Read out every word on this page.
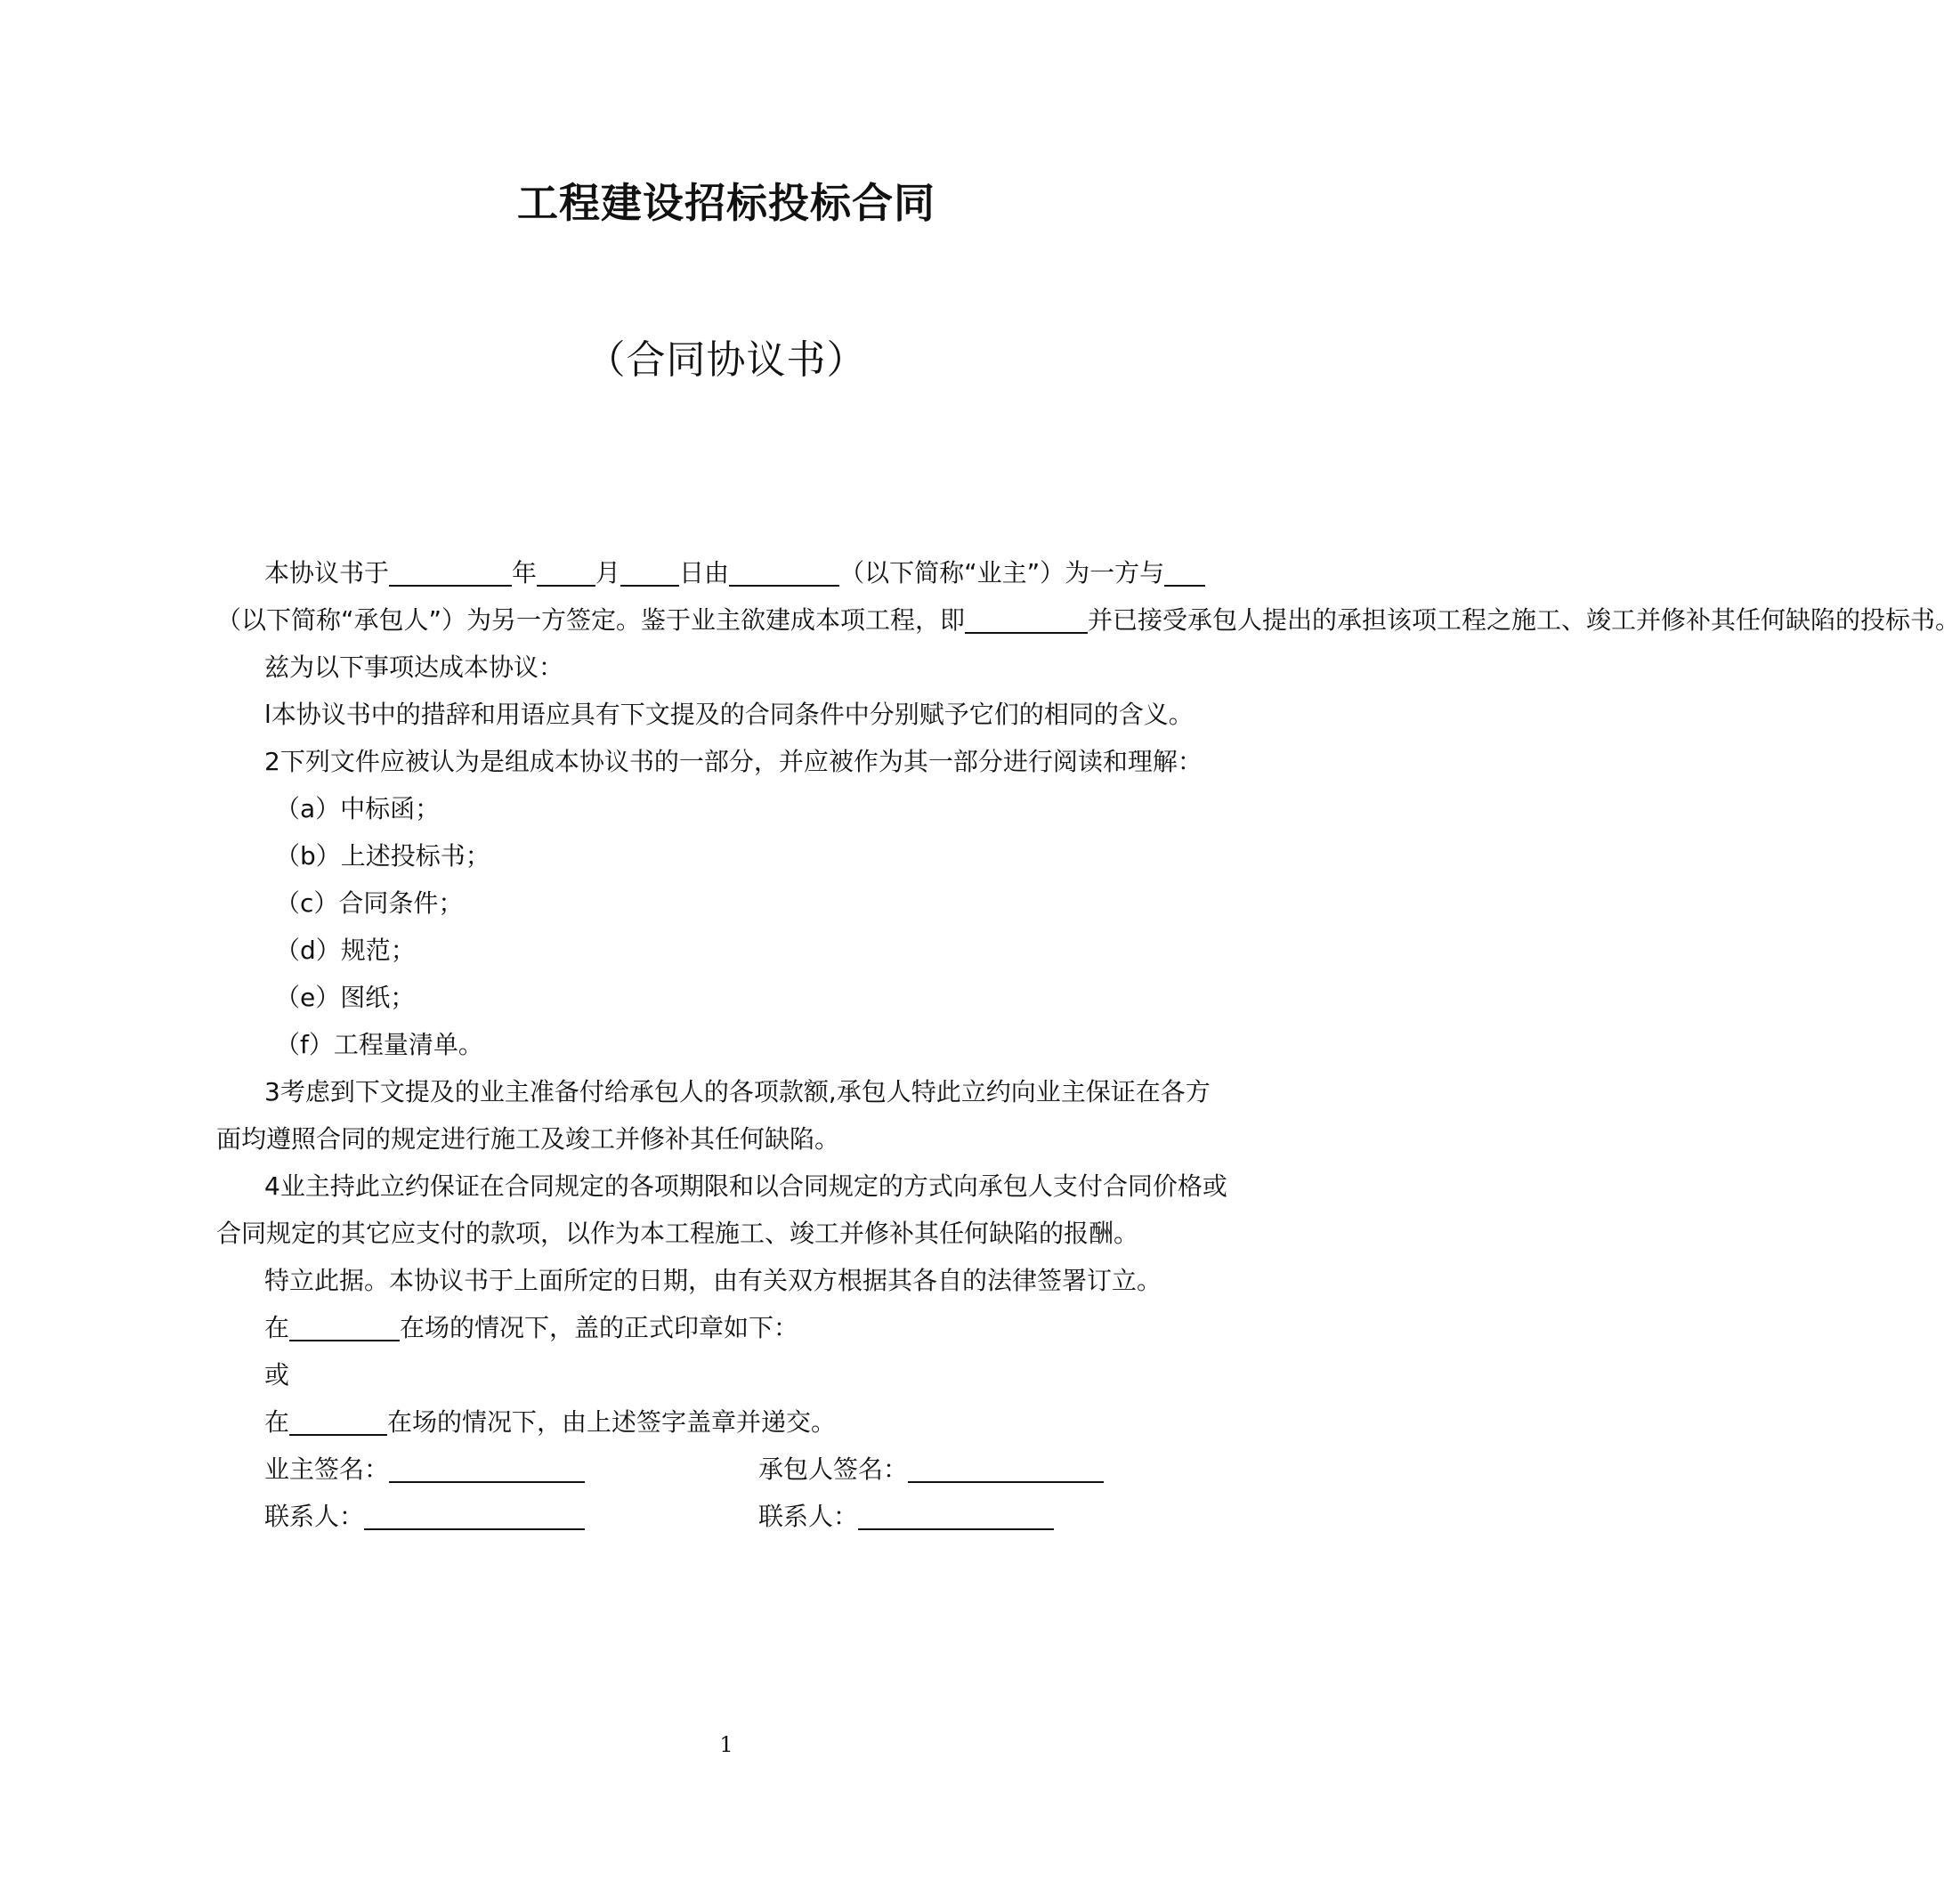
工程建设招标投标合同
（合同协议书）

本协议书于	年 月 日由	（以下简称“业主”）为一方与

（以下简称“承包人”）为另一方签定。鉴于业主欲建成本项工程，即	并已接受承包人提出的承担该项工程之施工、竣工并修补其任何缺陷的投标书。

兹为以下事项达成本协议：

l本协议书中的措辞和用语应具有下文提及的合同条件中分别赋予它们的相同的含义。

2下列文件应被认为是组成本协议书的一部分，并应被作为其一部分进行阅读和理解：

（a）中标函；

（b）上述投标书；

（c）合同条件；

（d）规范；

（e）图纸；

（f）工程量清单。

3考虑到下文提及的业主准备付给承包人的各项款额,承包人特此立约向业主保证在各方面均遵照合同的规定进行施工及竣工并修补其任何缺陷。

4业主持此立约保证在合同规定的各项期限和以合同规定的方式向承包人支付合同价格或合同规定的其它应支付的款项，以作为本工程施工、竣工并修补其任何缺陷的报酬。

特立此据。本协议书于上面所定的日期，由有关双方根据其各自的法律签署订立。

在	在场的情况下，盖的正式印章如下：

或

在	在场的情况下，由上述签字盖章并递交。

业主签名：	承包人签名：
联系人：	联系人：
1
